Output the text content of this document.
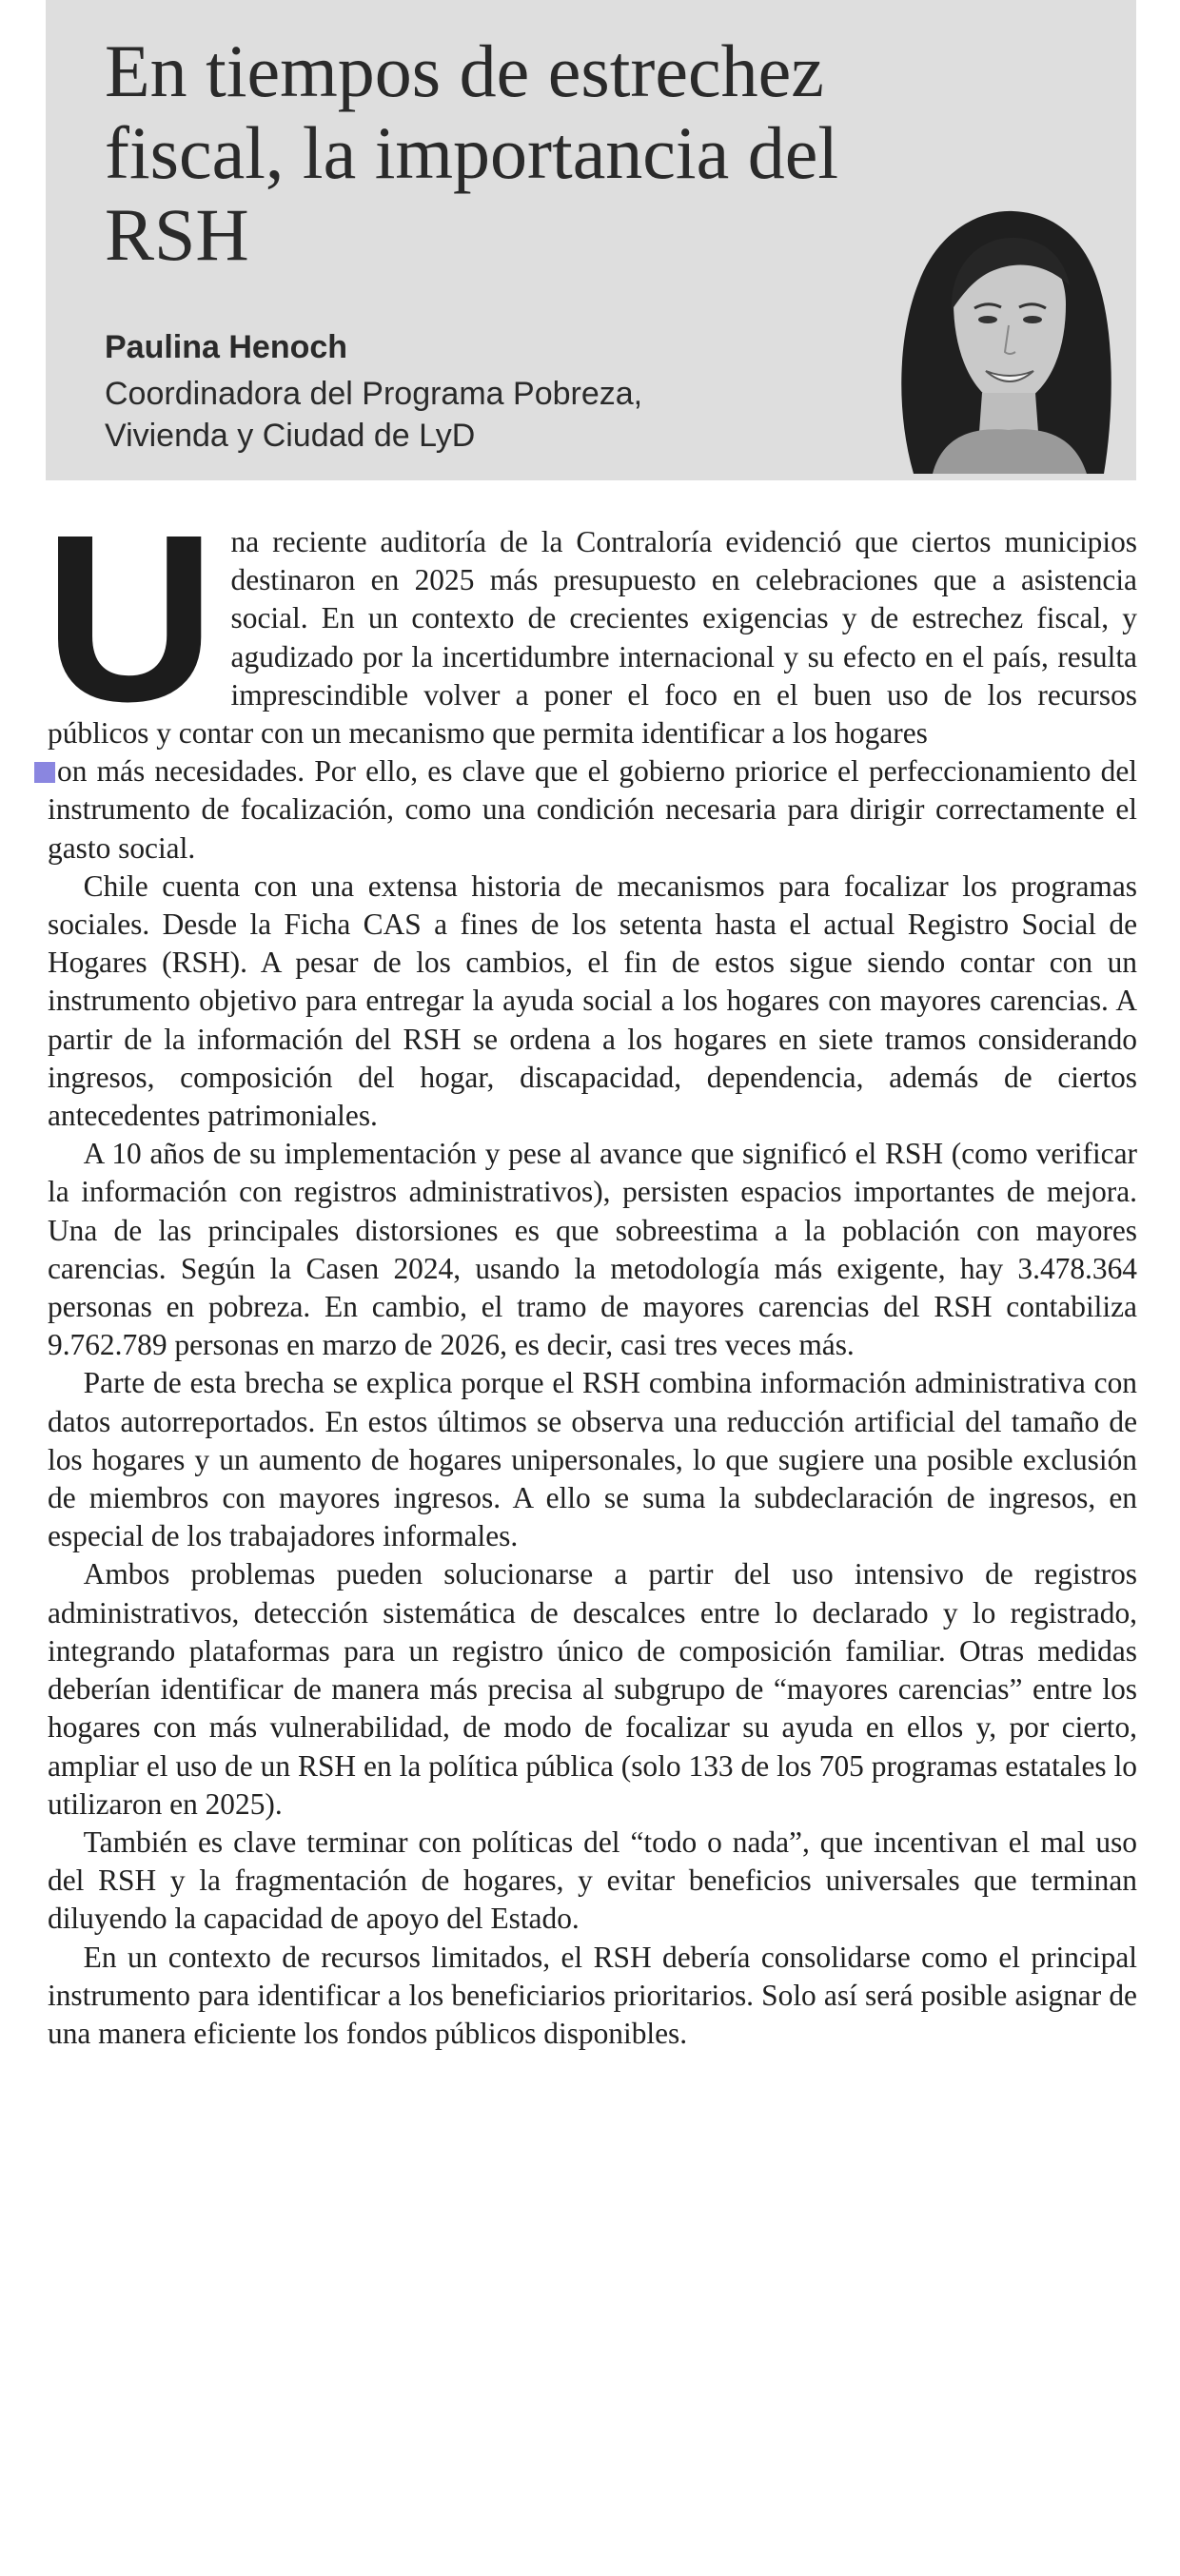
En tiempos de estrechez fiscal, la importancia del RSH
Paulina Henoch
Coordinadora del Programa Pobreza, Vivienda y Ciudad de LyD

Una reciente auditoría de la Contraloría evidenció que ciertos municipios destinaron en 2025 más presupuesto en celebraciones que a asistencia social. En un contexto de crecientes exigencias y de estrechez fiscal, y agudizado por la incertidumbre internacional y su efecto en el país, resulta imprescindible volver a poner el foco en el buen uso de los recursos públicos y contar con un mecanismo que permita identificar a los hogares
on más necesidades. Por ello, es clave que el gobierno priorice el perfeccionamiento del instrumento de focalización, como una condición necesaria para dirigir correctamente el gasto social.

Chile cuenta con una extensa historia de mecanismos para focalizar los programas sociales. Desde la Ficha CAS a fines de los setenta hasta el actual Registro Social de Hogares (RSH). A pesar de los cambios, el fin de estos sigue siendo contar con un instrumento objetivo para entregar la ayuda social a los hogares con mayores carencias. A partir de la información del RSH se ordena a los hogares en siete tramos considerando ingresos, composición del hogar, discapacidad, dependencia, además de ciertos antecedentes patrimoniales.

A 10 años de su implementación y pese al avance que significó el RSH (como verificar la información con registros administrativos), persisten espacios importantes de mejora. Una de las principales distorsiones es que sobreestima a la población con mayores carencias. Según la Casen 2024, usando la metodología más exigente, hay 3.478.364 personas en pobreza. En cambio, el tramo de mayores carencias del RSH contabiliza 9.762.789 personas en marzo de 2026, es decir, casi tres veces más.

Parte de esta brecha se explica porque el RSH combina información administrativa con datos autorreportados. En estos últimos se observa una reducción artificial del tamaño de los hogares y un aumento de hogares unipersonales, lo que sugiere una posible exclusión de miembros con mayores ingresos. A ello se suma la subdeclaración de ingresos, en especial de los trabajadores informales.

Ambos problemas pueden solucionarse a partir del uso intensivo de registros administrativos, detección sistemática de descalces entre lo declarado y lo registrado, integrando plataformas para un registro único de composición familiar. Otras medidas deberían identificar de manera más precisa al subgrupo de “mayores carencias” entre los hogares con más vulnerabilidad, de modo de focalizar su ayuda en ellos y, por cierto, ampliar el uso de un RSH en la política pública (solo 133 de los 705 programas estatales lo utilizaron en 2025).

También es clave terminar con políticas del “todo o nada”, que incentivan el mal uso del RSH y la fragmentación de hogares, y evitar beneficios universales que terminan diluyendo la capacidad de apoyo del Estado.

En un contexto de recursos limitados, el RSH debería consolidarse como el principal instrumento para identificar a los beneficiarios prioritarios. Solo así será posible asignar de una manera eficiente los fondos públicos disponibles.
